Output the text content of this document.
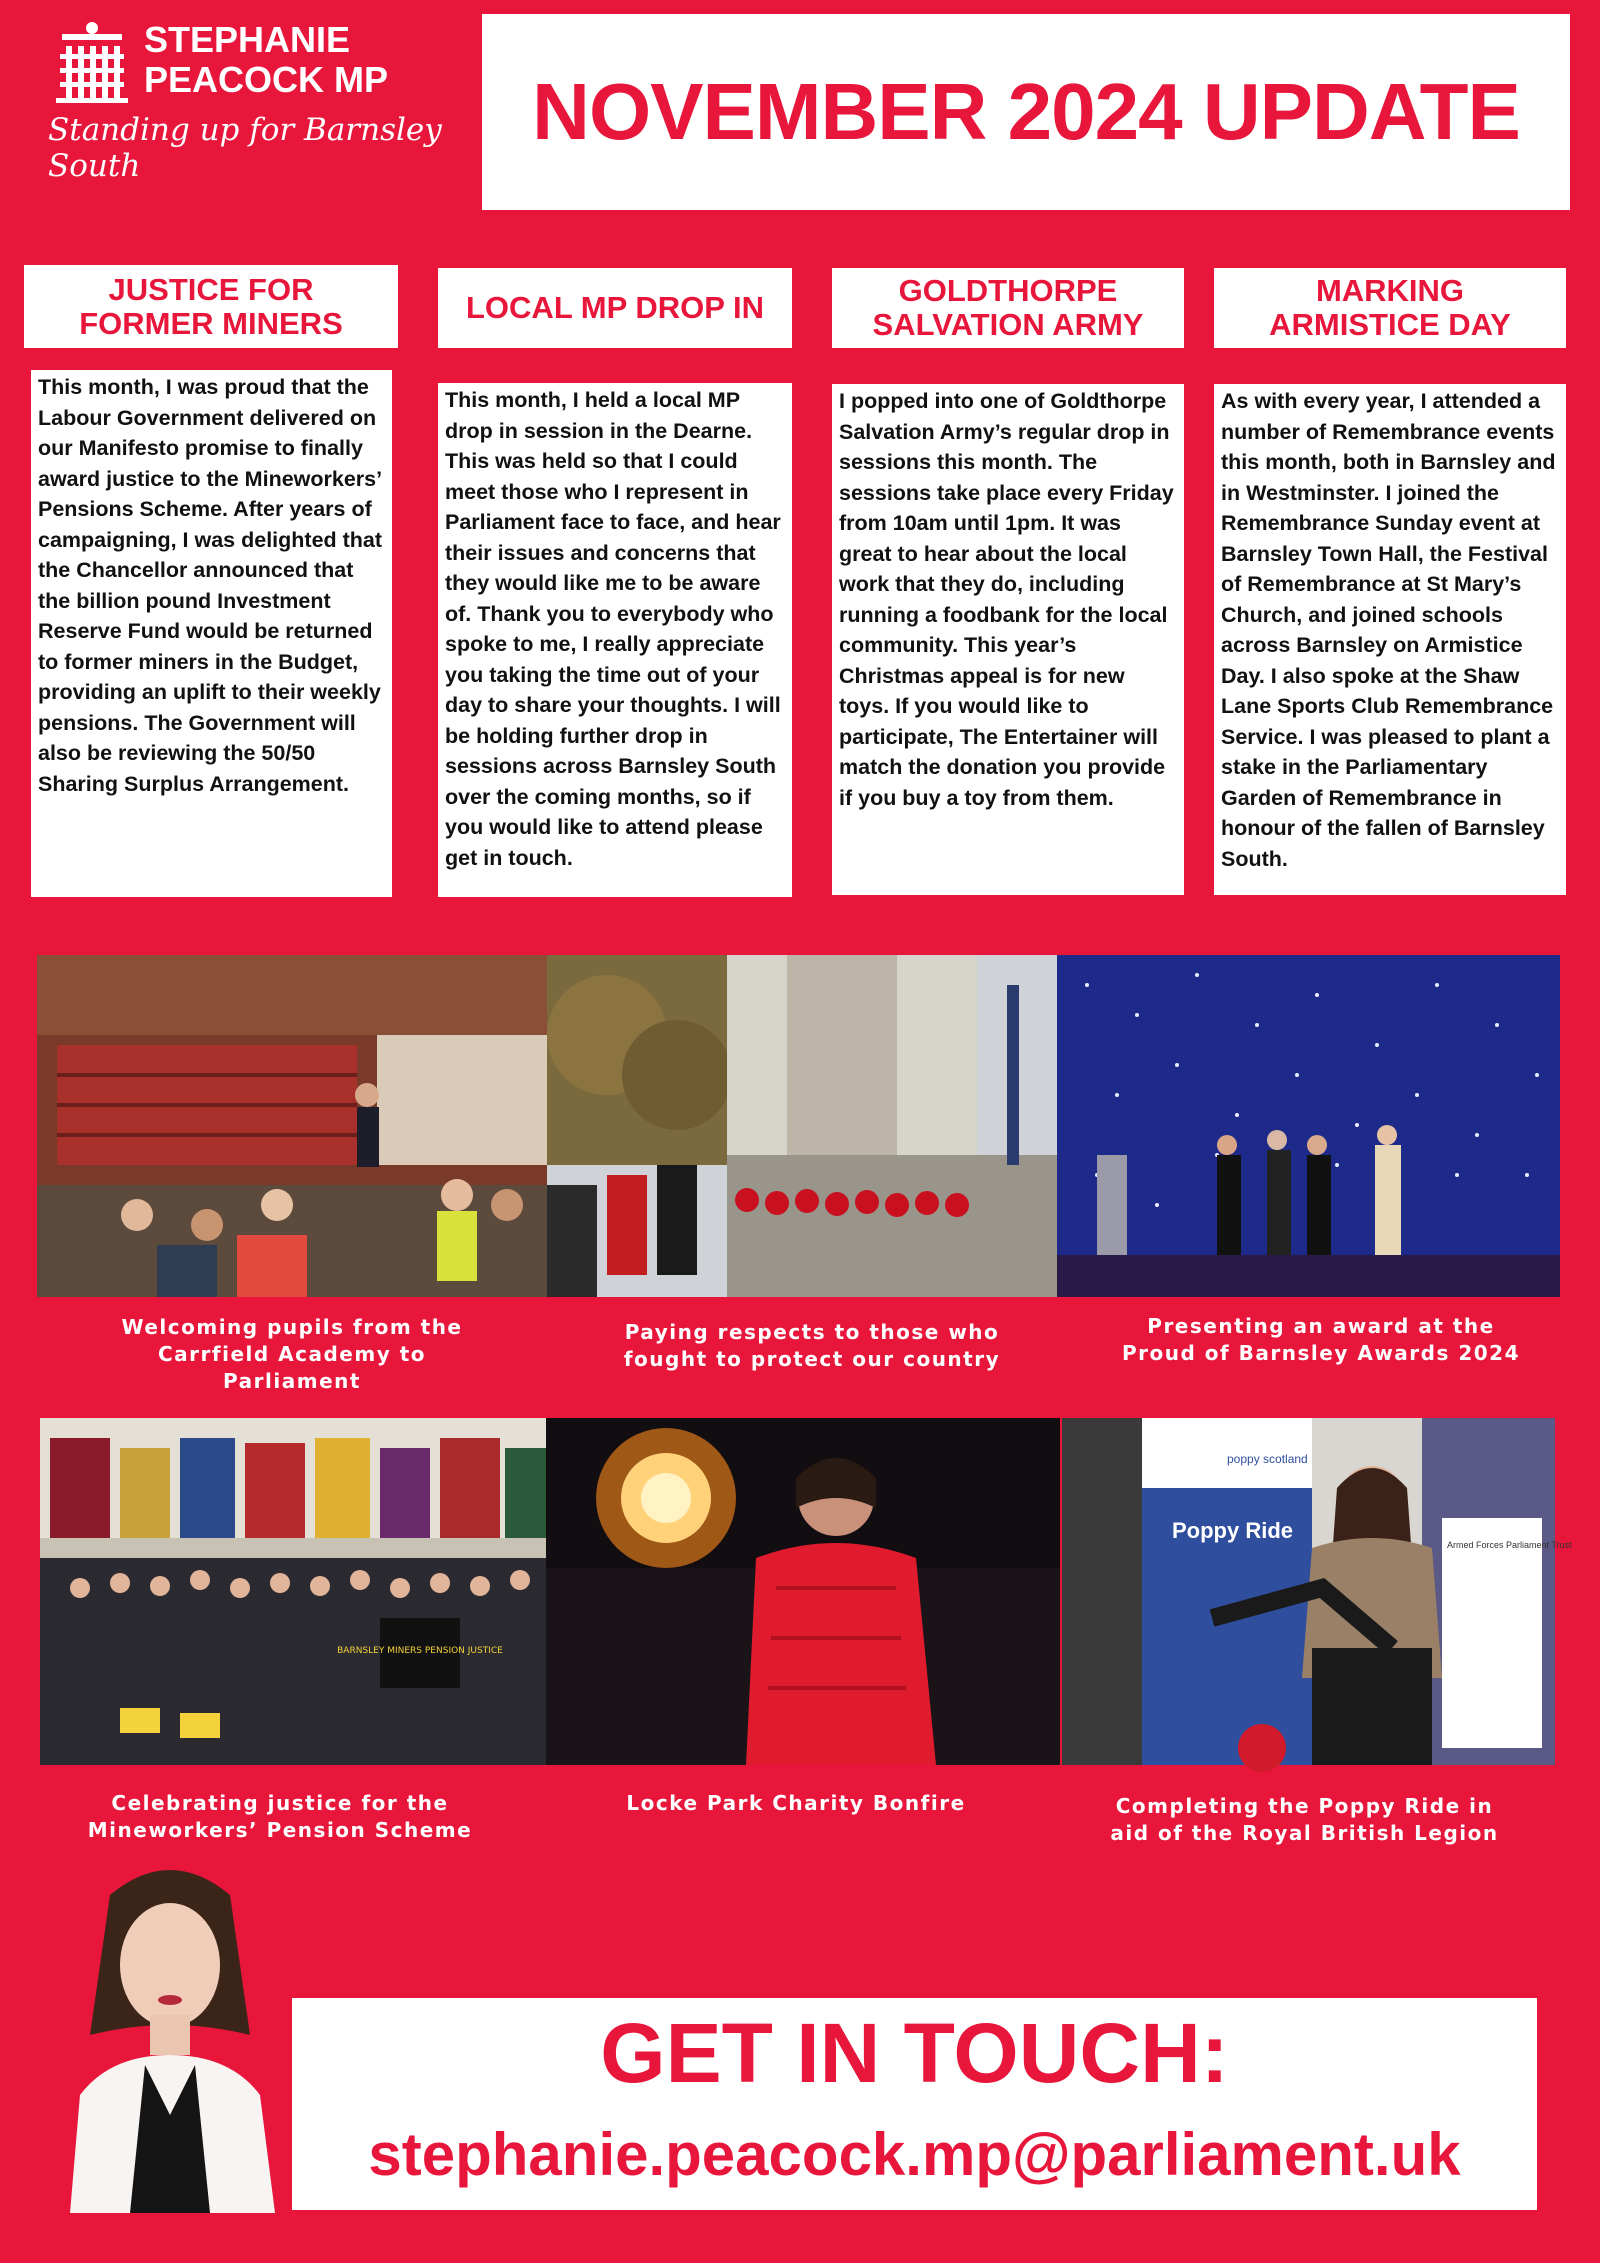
STEPHANIE
PEACOCK MP
Standing up for Barnsley South
NOVEMBER 2024 UPDATE
JUSTICE FOR
FORMER MINERS	LOCAL MP DROP IN	GOLDTHORPE
SALVATION ARMY
MARKING
ARMISTICE DAY
This month, I was proud that the Labour Government delivered on our Manifesto promise to finally award justice to the Mineworkers’ Pensions Scheme. After years of campaigning, I was delighted that the Chancellor announced that the billion pound Investment Reserve Fund would be returned to former miners in the Budget, providing an uplift to their weekly pensions. The Government will also be reviewing the 50/50 Sharing Surplus Arrangement.
This month, I held a local MP drop in session in the Dearne. This was held so that I could meet those who I represent in Parliament face to face, and hear their issues and concerns that they would like me to be aware of. Thank you to everybody who spoke to me, I really appreciate you taking the time out of your day to share your thoughts. I will be holding further drop in sessions across Barnsley South over the coming months, so if you would like to attend please get in touch.
I popped into one of Goldthorpe Salvation Army’s regular drop in sessions this month. The sessions take place every Friday from 10am until 1pm. It was great to hear about the local work that they do, including running a foodbank for the local community. This year’s Christmas appeal is for new toys. If you would like to participate, The Entertainer will match the donation you provide if you buy a toy from them.
As with every year, I attended a number of Remembrance events this month, both in Barnsley and in Westminster. I joined the Remembrance Sunday event at Barnsley Town Hall, the Festival of Remembrance at St Mary’s Church, and joined schools across Barnsley on Armistice Day. I also spoke at the Shaw Lane Sports Club Remembrance Service. I was pleased to plant a stake in the Parliamentary Garden of Remembrance in honour of the fallen of Barnsley South.
Welcoming pupils from the
Carrfield Academy to
Parliament
Paying respects to those who
fought to protect our country
Presenting an award at the
Proud of Barnsley Awards 2024
BARNSLEY MINERS PENSION JUSTICE
Poppy Ride
poppy scotland
Armed Forces Parliament Trust
Celebrating justice for the
Mineworkers’ Pension Scheme
Locke Park Charity Bonfire	Completing the Poppy Ride in
aid of the Royal British Legion
GET IN TOUCH:
stephanie.peacock.mp@parliament.uk
